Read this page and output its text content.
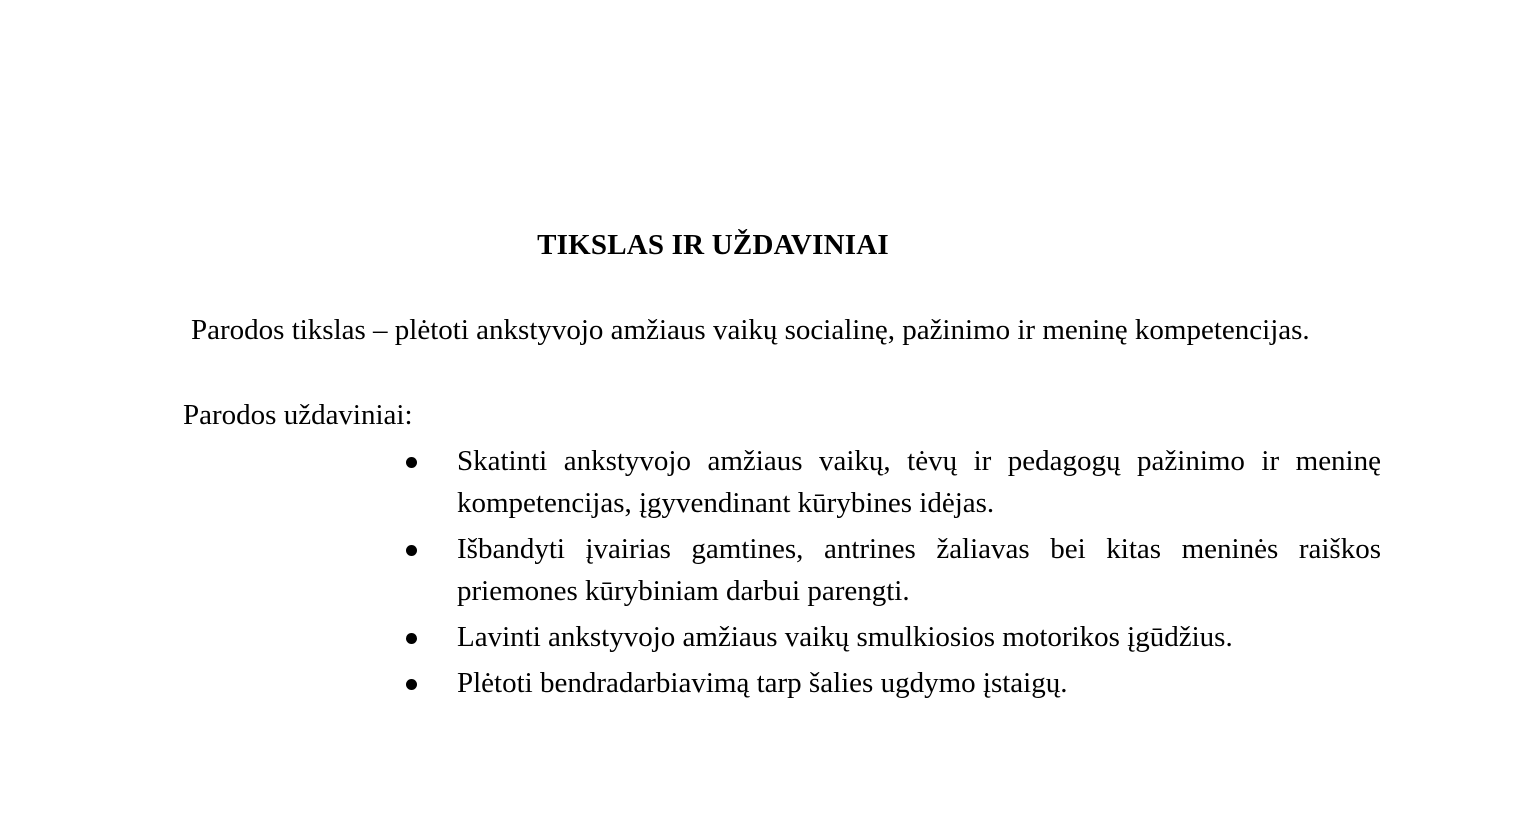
TIKSLAS IR UŽDAVINIAI

Parodos tikslas – plėtoti ankstyvojo amžiaus vaikų socialinę, pažinimo ir meninę kompetencijas.

Parodos uždaviniai:
Skatinti ankstyvojo amžiaus vaikų, tėvų ir pedagogų pažinimo ir meninę kompetencijas, įgyvendinant kūrybines idėjas.
Išbandyti įvairias gamtines, antrines žaliavas bei kitas meninės raiškos priemones kūrybiniam darbui parengti.
Lavinti ankstyvojo amžiaus vaikų smulkiosios motorikos įgūdžius.
Plėtoti bendradarbiavimą tarp šalies ugdymo įstaigų.
